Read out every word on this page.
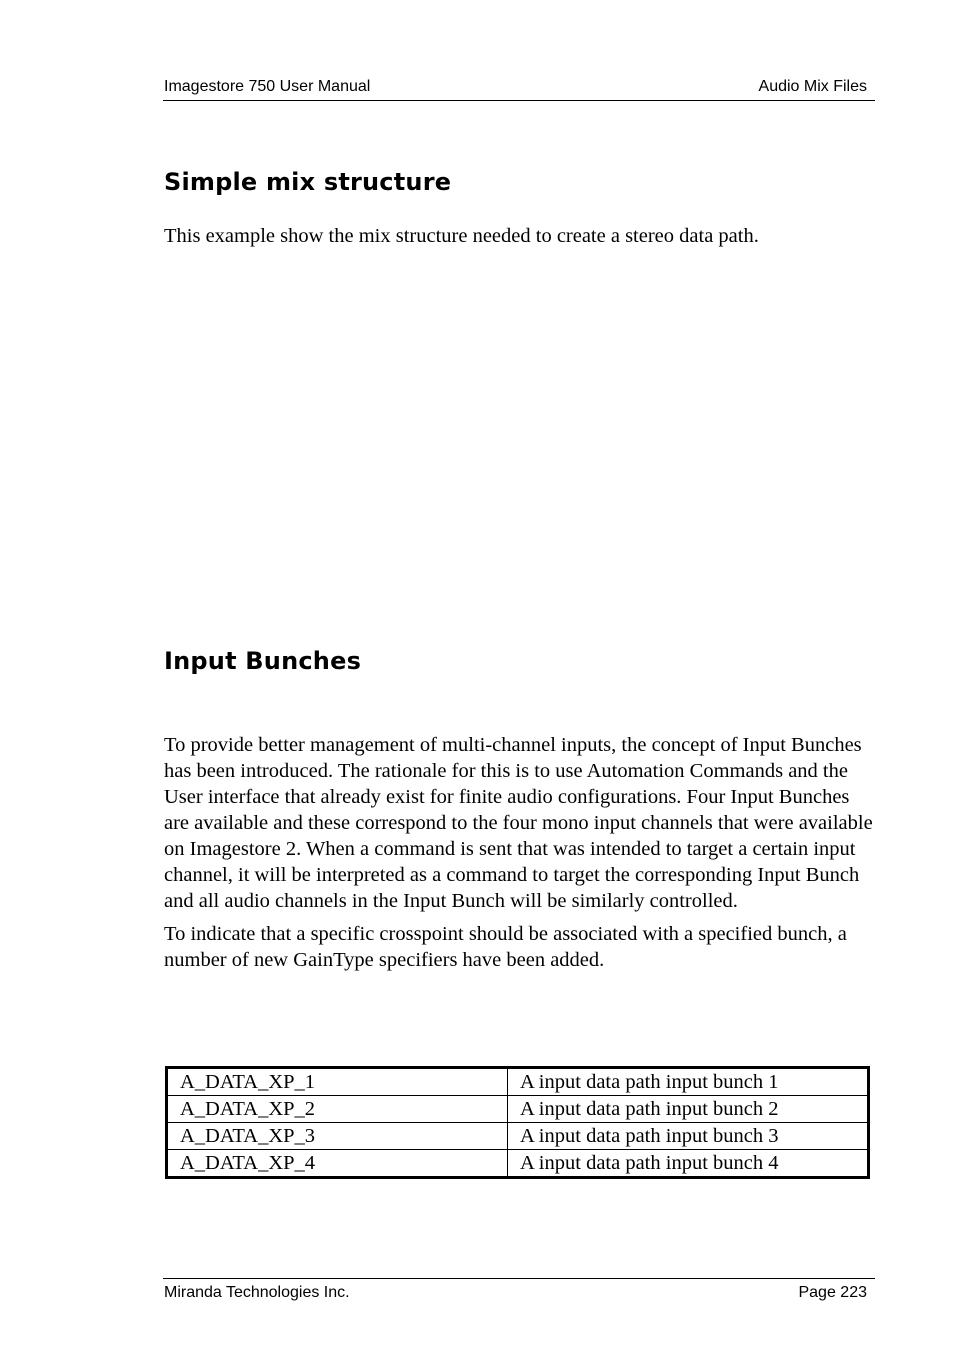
Imagestore 750 User Manual	Audio Mix Files
Simple mix structure

This example show the mix structure needed to create a stereo data path.

Input Bunches

To provide better management of multi-channel inputs, the concept of Input Bunches has been introduced. The rationale for this is to use Automation Commands and the User interface that already exist for finite audio configurations. Four Input Bunches are available and these correspond to the four mono input channels that were available on Imagestore 2. When a command is sent that was intended to target a certain input channel, it will be interpreted as a command to target the corresponding Input Bunch and all audio channels in the Input Bunch will be similarly controlled.

To indicate that a specific crosspoint should be associated with a specified bunch, a number of new GainType specifiers have been added.

A_DATA_XP_1	A input data path input bunch 1
A_DATA_XP_2	A input data path input bunch 2
A_DATA_XP_3	A input data path input bunch 3
A_DATA_XP_4	A input data path input bunch 4
Miranda Technologies Inc.	Page 223
